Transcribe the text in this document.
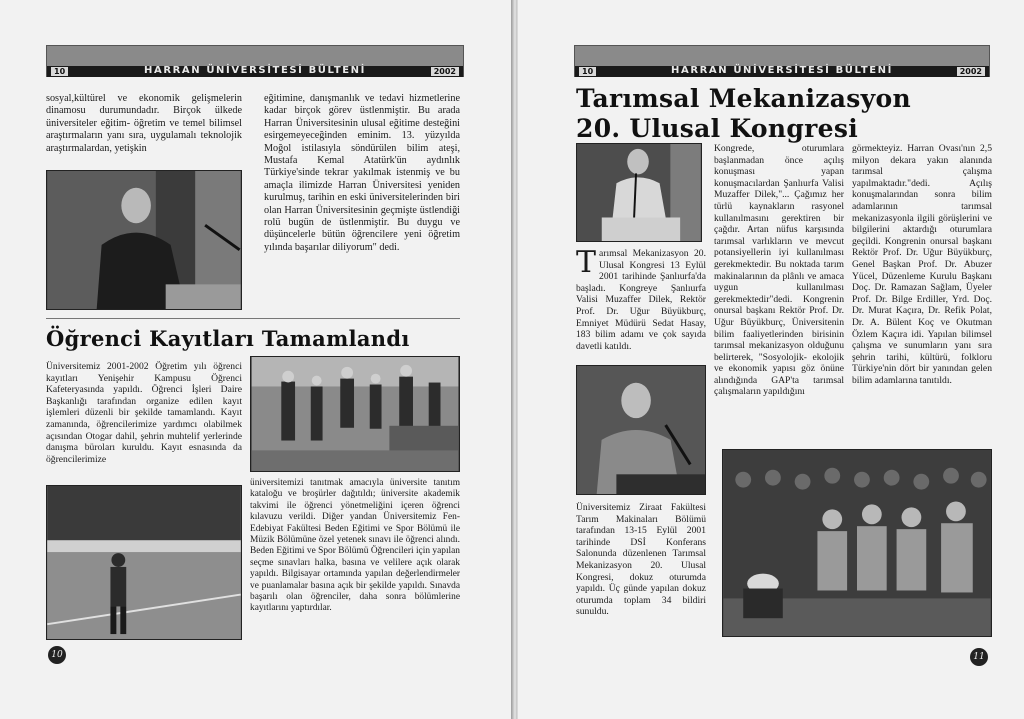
10	HARRAN ÜNİVERSİTESİ BÜLTENİ	2002
sosyal,kültürel ve ekonomik gelişmelerin dinamosu durumundadır. Birçok ülkede üniversiteler eğitim- öğretim ve temel bilimsel araştırmaların yanı sıra, uygulamalı teknolojik araştırmalardan, yetişkin
eğitimine, danışmanlık ve tedavi hizmetlerine kadar birçok görev üstlenmiştir. Bu arada Harran Üniversitesinin ulusal eğitime desteğini esirgemeyeceğinden eminim. 13. yüzyılda Moğol istilasıyla söndürülen bilim ateşi, Mustafa Kemal Atatürk'ün aydınlık Türkiye'sinde tekrar yakılmak istenmiş ve bu amaçla ilimizde Harran Üniversitesi yeniden kurulmuş, tarihin en eski üniversitelerinden biri olan Harran Üniversitesinin geçmişte üstlendiği rolü bugün de üstlenmiştir. Bu duygu ve düşüncelerle bütün öğrencilere yeni öğretim yılında başarılar diliyorum" dedi.
Öğrenci Kayıtları Tamamlandı
Üniversitemiz 2001-2002 Öğretim yılı öğrenci kayıtları Yenişehir Kampusu Öğrenci Kafeteryasında yapıldı. Öğrenci İşleri Daire Başkanlığı tarafından organize edilen kayıt işlemleri düzenli bir şekilde tamamlandı. Kayıt zamanında, öğrencilerimize yardımcı olabilmek açısından Otogar dahil, şehrin muhtelif yerlerinde danışma büroları kuruldu. Kayıt esnasında da öğrencilerimize
üniversitemizi tanıtmak amacıyla üniversite tanıtım kataloğu ve broşürler dağıtıldı; üniversite akademik takvimi ile öğrenci yönetmeliğini içeren öğrenci kılavuzu verildi. Diğer yandan Üniversitemiz Fen-Edebiyat Fakültesi Beden Eğitimi ve Spor Bölümü ile Müzik Bölümüne özel yetenek sınavı ile öğrenci alındı. Beden Eğitimi ve Spor Bölümü Öğrencileri için yapılan seçme sınavları halka, basına ve velilere açık olarak yapıldı. Bilgisayar ortamında yapılan değerlendirmeler ve puanlamalar basına açık bir şekilde yapıldı. Sınavda başarılı olan öğrenciler, daha sonra bölümlerine kayıtlarını yaptırdılar.
10
10	HARRAN ÜNİVERSİTESİ BÜLTENİ	2002
Tarımsal Mekanizasyon
20. Ulusal Kongresi
Tarımsal Mekanizasyon 20. Ulusal Kongresi 13 Eylül 2001 tarihinde Şanlıurfa'da başladı. Kongreye Şanlıurfa Valisi Muzaffer Dilek, Rektör Prof. Dr. Uğur Büyükburç, Emniyet Müdürü Sedat Hasay, 183 bilim adamı ve çok sayıda davetli katıldı.
Üniversitemiz Ziraat Fakültesi Tarım Makinaları Bölümü tarafından 13-15 Eylül 2001 tarihinde DSİ Konferans Salonunda düzenlenen Tarımsal Mekanizasyon 20. Ulusal Kongresi, dokuz oturumda yapıldı. Üç günde yapılan dokuz oturumda toplam 34 bildiri sunuldu.
Kongrede, oturumlara başlanmadan önce açılış konuşması yapan konuşmacılardan Şanlıurfa Valisi Muzaffer Dilek,"... Çağımız her türlü kaynakların rasyonel kullanılmasını gerektiren bir çağdır. Artan nüfus karşısında tarımsal varlıkların ve mevcut potansiyellerin iyi kullanılması gerekmektedir. Bu noktada tarım makinalarının da plânlı ve amaca uygun kullanılması gerekmektedir"dedi. Kongrenin onursal başkanı Rektör Prof. Dr. Uğur Büyükburç, Üniversitenin bilim faaliyetlerinden birisinin tarımsal mekanizasyon olduğunu belirterek, "Sosyolojik- ekolojik ve ekonomik yapısı göz önüne alındığında GAP'ta tarımsal çalışmaların yapıldığını
görmekteyiz. Harran Ovası'nın 2,5 milyon dekara yakın alanında tarımsal çalışma yapılmaktadır."dedi. Açılış konuşmalarından sonra bilim adamlarının tarımsal mekanizasyonla ilgili görüşlerini ve bilgilerini aktardığı oturumlara geçildi. Kongrenin onursal başkanı Rektör Prof. Dr. Uğur Büyükburç, Genel Başkan Prof. Dr. Abuzer Yücel, Düzenleme Kurulu Başkanı Doç. Dr. Ramazan Sağlam, Üyeler Prof. Dr. Bilge Erdiller, Yrd. Doç. Dr. Murat Kaçıra, Dr. Refik Polat, Dr. A. Bülent Koç ve Okutman Özlem Kaçıra idi. Yapılan bilimsel çalışma ve sunumların yanı sıra şehrin tarihi, kültürü, folkloru Türkiye'nin dört bir yanından gelen bilim adamlarına tanıtıldı.
11
